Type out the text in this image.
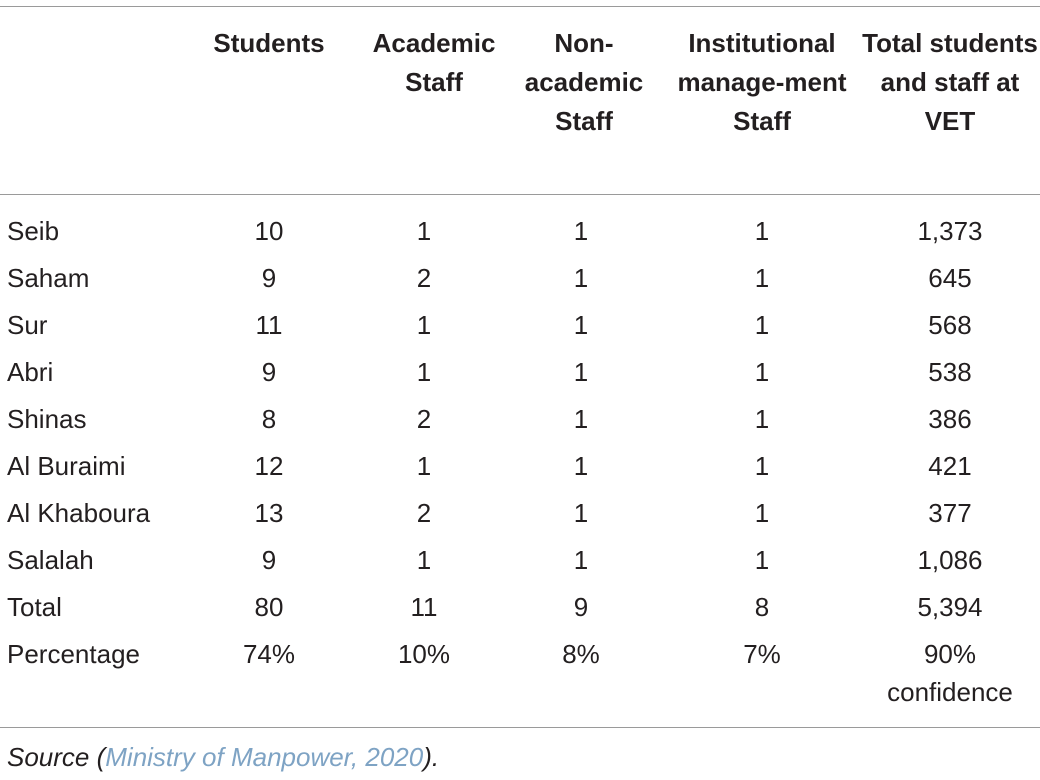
	Students	Academic Staff	Non-academic Staff	Institutional manage-ment Staff	Total students and staff at VET
Seib	10	1	1	1	1,373
Saham	9	2	1	1	645
Sur	11	1	1	1	568
Abri	9	1	1	1	538
Shinas	8	2	1	1	386
Al Buraimi	12	1	1	1	421
Al Khaboura	13	2	1	1	377
Salalah	9	1	1	1	1,086
Total	80	11	9	8	5,394
Percentage	74%	10%	8%	7%	90% confidence
Source (Ministry of Manpower, 2020).
